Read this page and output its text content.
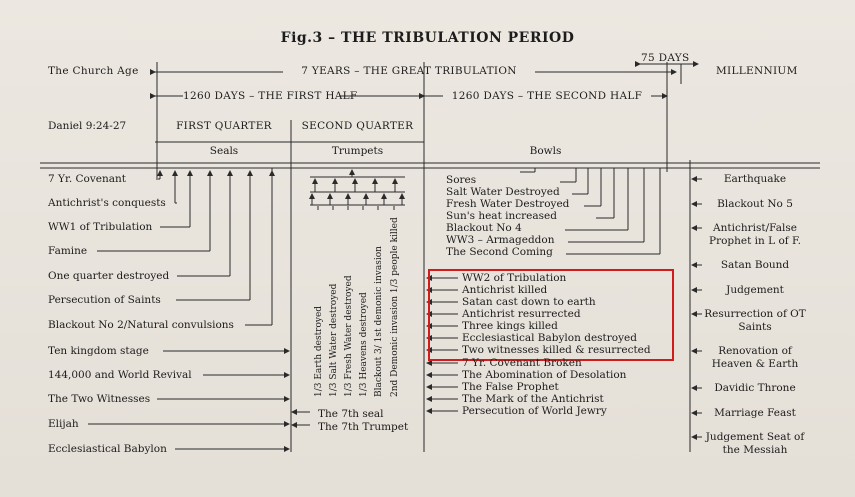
Fig.3 – THE TRIBULATION PERIOD
The Church Age	7 YEARS – THE GREAT TRIBULATION
75 DAYS
MILLENNIUM
1260 DAYS – THE FIRST HALF	1260 DAYS – THE SECOND HALF
Daniel 9:24-27	FIRST QUARTER	SECOND QUARTER
Seals	Trumpets	Bowls
The 7th seal
The 7th Trumpet
7 Yr. Covenant
Antichrist's conquests
WW1 of Tribulation
Famine
One quarter destroyed
Persecution of Saints
Blackout No 2/Natural convulsions
Ten kingdom stage
144,000 and World Revival
The Two Witnesses
Elijah
Ecclesiastical Babylon
1/3 Earth destroyed 1/3 Salt Water destroyed 1/3 Fresh Water destroyed 1/3 Heavens destroyed Blackout 3/ 1st demonic invasion 2nd Demonic invasion 1/3 people killed
Sores
Salt Water Destroyed
Fresh Water Destroyed
Sun's heat increased
Blackout No 4
WW3 – Armageddon
The Second Coming
WW2 of Tribulation
Antichrist killed
Satan cast down to earth
Antichrist resurrected
Three kings killed
Ecclesiastical Babylon destroyed
Two witnesses killed & resurrected
7 Yr. Covenant Broken
The Abomination of Desolation
The False Prophet
The Mark of the Antichrist
Persecution of World Jewry
Earthquake
Blackout No 5
Antichrist/False Prophet in L of F.
Satan Bound
Judgement
Resurrection of OT Saints
Renovation of Heaven & Earth
Davidic Throne
Marriage Feast
Judgement Seat of the Messiah
